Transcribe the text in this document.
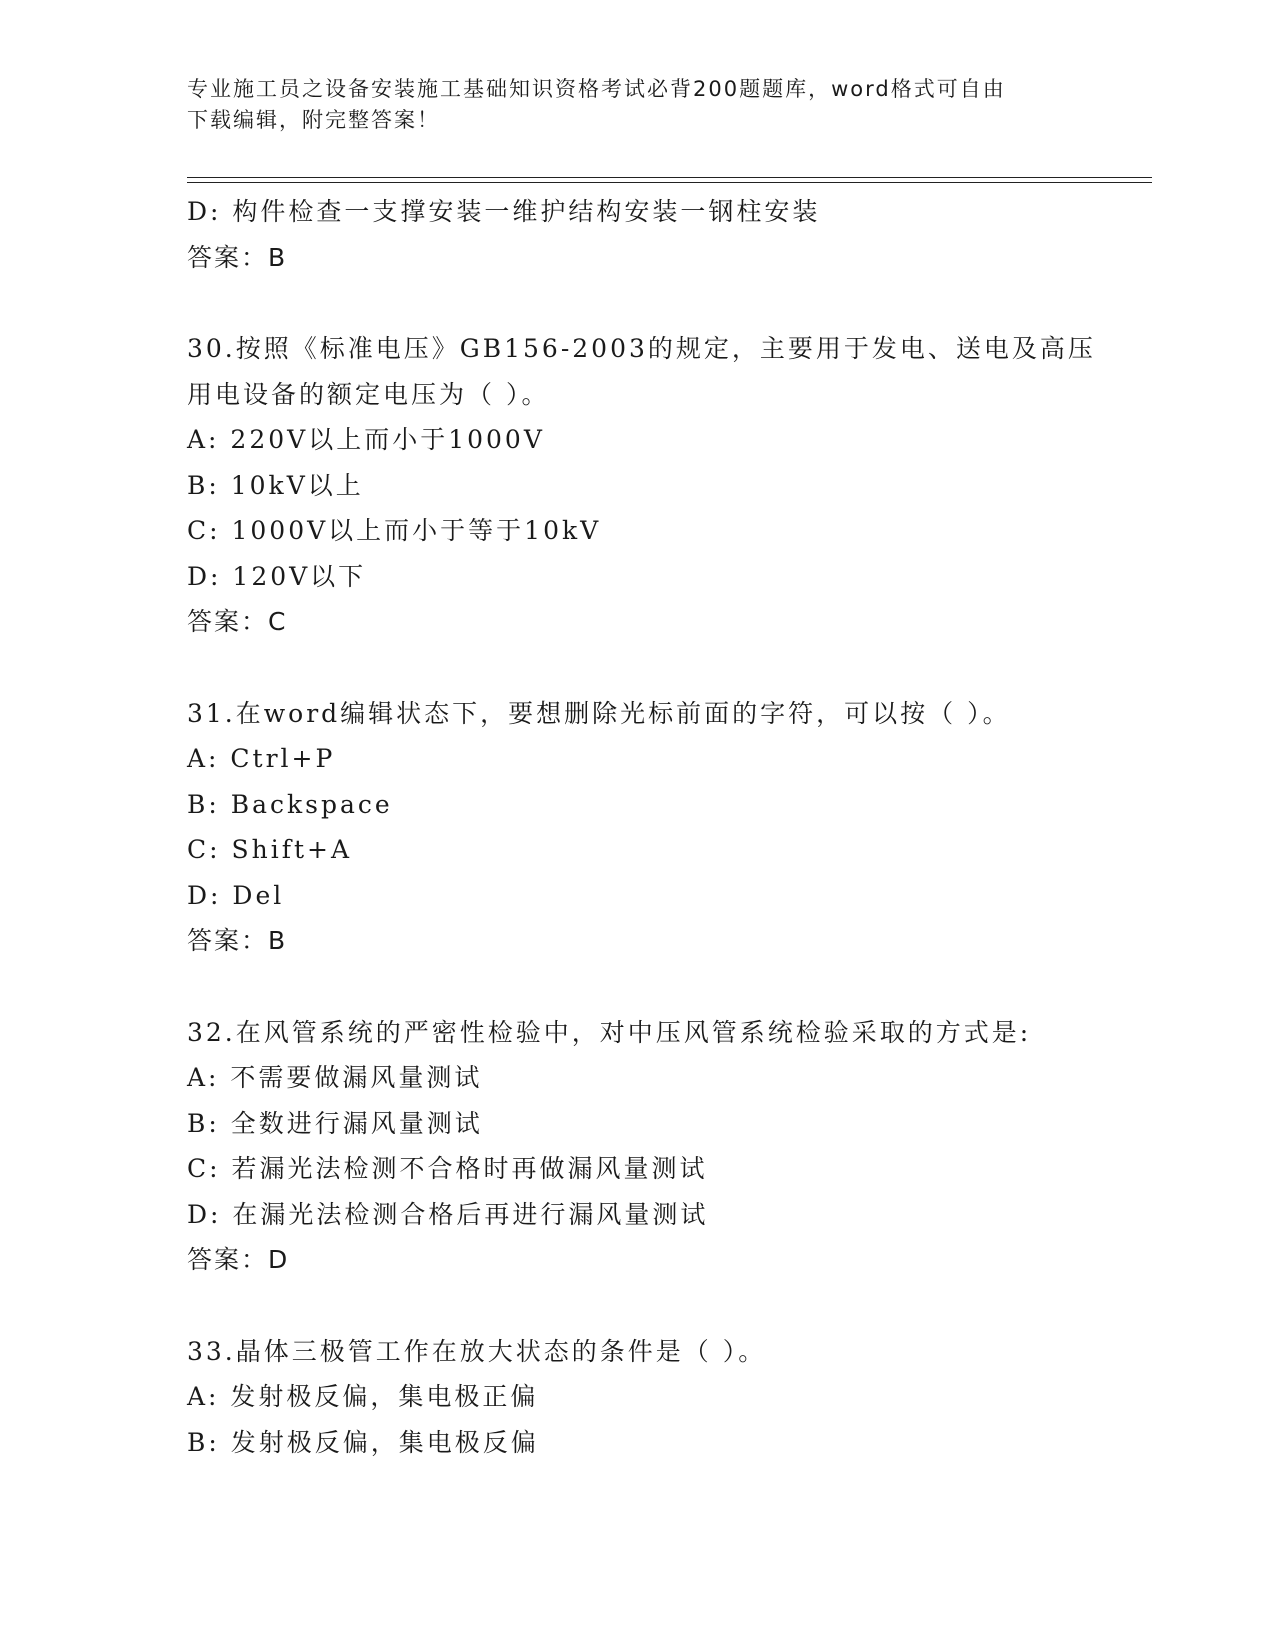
专业施工员之设备安装施工基础知识资格考试必背200题题库，word格式可自由
下载编辑，附完整答案！
D: 构件检查一支撑安装一维护结构安装一钢柱安装
答案：B
30.按照《标准电压》GB156-2003的规定，主要用于发电、送电及高压
用电设备的额定电压为（ ）。
A: 220V以上而小于1000V
B: 10kV以上
C: 1000V以上而小于等于10kV
D: 120V以下
答案：C
31.在word编辑状态下，要想删除光标前面的字符，可以按（ ）。
A: Ctrl+P
B: Backspace
C: Shift+A
D: Del
答案：B
32.在风管系统的严密性检验中，对中压风管系统检验采取的方式是:
A: 不需要做漏风量测试
B: 全数进行漏风量测试
C: 若漏光法检测不合格时再做漏风量测试
D: 在漏光法检测合格后再进行漏风量测试
答案：D
33.晶体三极管工作在放大状态的条件是（ ）。
A: 发射极反偏，集电极正偏
B: 发射极反偏，集电极反偏
